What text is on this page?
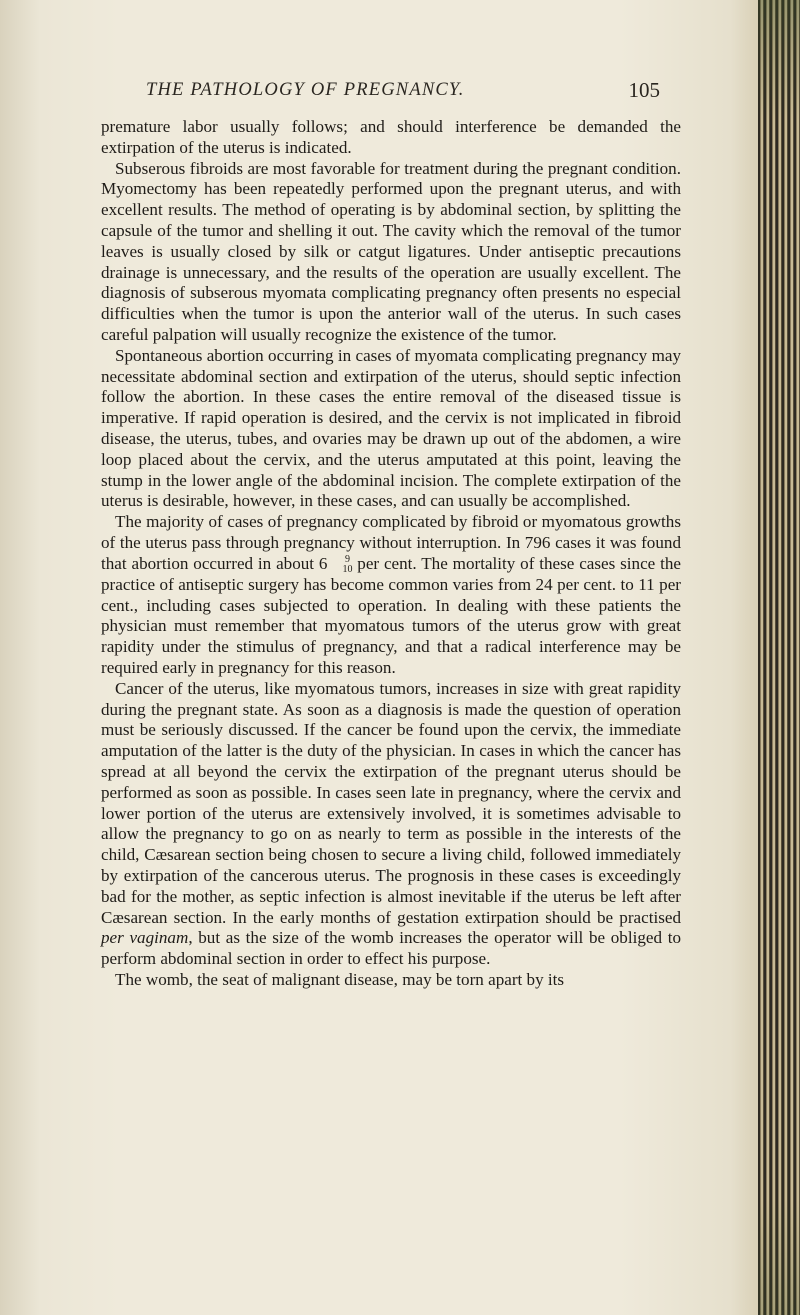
THE PATHOLOGY OF PREGNANCY.	105

premature labor usually follows; and should interference be demanded the extirpation of the uterus is indicated.

Subserous fibroids are most favorable for treatment during the pregnant condition. Myomectomy has been repeatedly performed upon the pregnant uterus, and with excellent results. The method of operating is by abdominal section, by splitting the capsule of the tumor and shelling it out. The cavity which the removal of the tumor leaves is usually closed by silk or catgut ligatures. Under antiseptic precautions drainage is unnecessary, and the results of the operation are usually excellent. The diagnosis of subserous myomata complicating pregnancy often presents no especial difficulties when the tumor is upon the anterior wall of the uterus. In such cases careful palpation will usually recognize the existence of the tumor.

Spontaneous abortion occurring in cases of myomata complicating pregnancy may necessitate abdominal section and extirpation of the uterus, should septic infection follow the abortion. In these cases the entire removal of the diseased tissue is imperative. If rapid operation is desired, and the cervix is not implicated in fibroid disease, the uterus, tubes, and ovaries may be drawn up out of the abdomen, a wire loop placed about the cervix, and the uterus amputated at this point, leaving the stump in the lower angle of the abdominal incision. The complete extirpation of the uterus is desirable, however, in these cases, and can usually be accomplished.

The majority of cases of pregnancy complicated by fibroid or myomatous growths of the uterus pass through pregnancy without interruption. In 796 cases it was found that abortion occurred in about 6	9
10 per cent. The mortality of these cases since the practice of antiseptic surgery has become common varies from 24 per cent. to 11 per cent., including cases subjected to operation. In dealing with these patients the physician must remember that myomatous tumors of the uterus grow with great rapidity under the stimulus of pregnancy, and that a radical interference may be required early in pregnancy for this reason.

Cancer of the uterus, like myomatous tumors, increases in size with great rapidity during the pregnant state. As soon as a diagnosis is made the question of operation must be seriously discussed. If the cancer be found upon the cervix, the immediate amputation of the latter is the duty of the physician. In cases in which the cancer has spread at all beyond the cervix the extirpation of the pregnant uterus should be performed as soon as possible. In cases seen late in pregnancy, where the cervix and lower portion of the uterus are extensively involved, it is sometimes advisable to allow the pregnancy to go on as nearly to term as possible in the interests of the child, Cæsarean section being chosen to secure a living child, followed immediately by extirpation of the cancerous uterus. The prognosis in these cases is exceedingly bad for the mother, as septic infection is almost inevitable if the uterus be left after Cæsarean section. In the early months of gestation extirpation should be practised per vaginam, but as the size of the womb increases the operator will be obliged to perform abdominal section in order to effect his purpose.

The womb, the seat of malignant disease, may be torn apart by its
